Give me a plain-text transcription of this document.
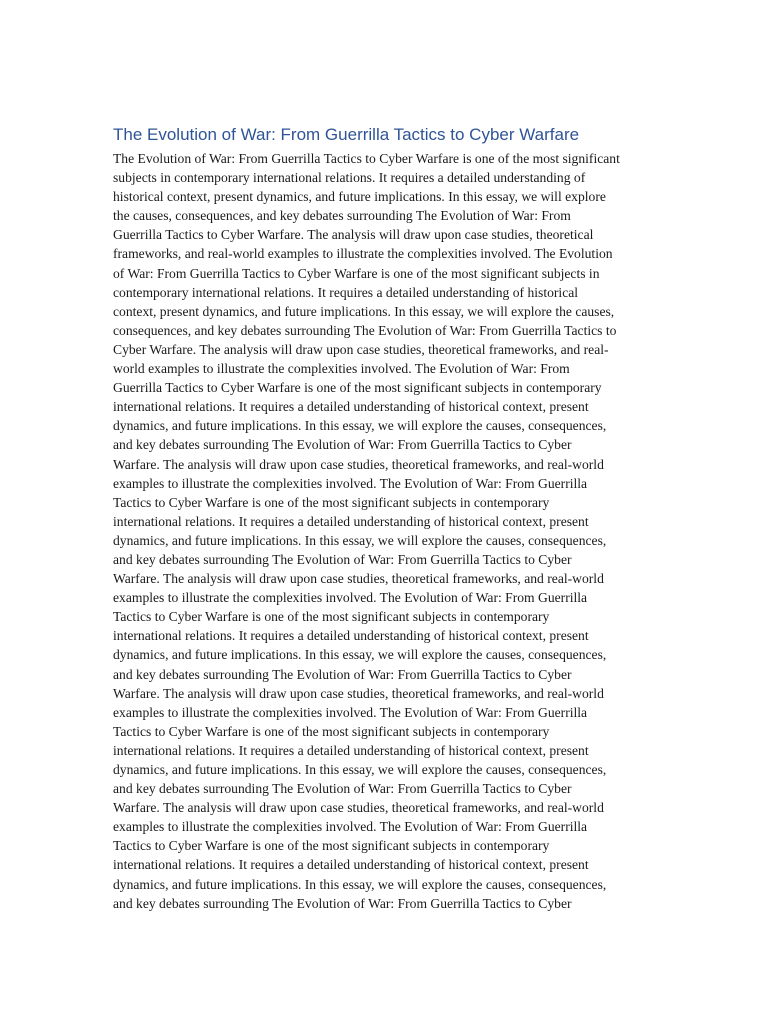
The Evolution of War: From Guerrilla Tactics to Cyber Warfare
The Evolution of War: From Guerrilla Tactics to Cyber Warfare is one of the most significant
subjects in contemporary international relations. It requires a detailed understanding of
historical context, present dynamics, and future implications. In this essay, we will explore
the causes, consequences, and key debates surrounding The Evolution of War: From
Guerrilla Tactics to Cyber Warfare. The analysis will draw upon case studies, theoretical
frameworks, and real-world examples to illustrate the complexities involved. The Evolution
of War: From Guerrilla Tactics to Cyber Warfare is one of the most significant subjects in
contemporary international relations. It requires a detailed understanding of historical
context, present dynamics, and future implications. In this essay, we will explore the causes,
consequences, and key debates surrounding The Evolution of War: From Guerrilla Tactics to
Cyber Warfare. The analysis will draw upon case studies, theoretical frameworks, and real-
world examples to illustrate the complexities involved. The Evolution of War: From
Guerrilla Tactics to Cyber Warfare is one of the most significant subjects in contemporary
international relations. It requires a detailed understanding of historical context, present
dynamics, and future implications. In this essay, we will explore the causes, consequences,
and key debates surrounding The Evolution of War: From Guerrilla Tactics to Cyber
Warfare. The analysis will draw upon case studies, theoretical frameworks, and real-world
examples to illustrate the complexities involved. The Evolution of War: From Guerrilla
Tactics to Cyber Warfare is one of the most significant subjects in contemporary
international relations. It requires a detailed understanding of historical context, present
dynamics, and future implications. In this essay, we will explore the causes, consequences,
and key debates surrounding The Evolution of War: From Guerrilla Tactics to Cyber
Warfare. The analysis will draw upon case studies, theoretical frameworks, and real-world
examples to illustrate the complexities involved. The Evolution of War: From Guerrilla
Tactics to Cyber Warfare is one of the most significant subjects in contemporary
international relations. It requires a detailed understanding of historical context, present
dynamics, and future implications. In this essay, we will explore the causes, consequences,
and key debates surrounding The Evolution of War: From Guerrilla Tactics to Cyber
Warfare. The analysis will draw upon case studies, theoretical frameworks, and real-world
examples to illustrate the complexities involved. The Evolution of War: From Guerrilla
Tactics to Cyber Warfare is one of the most significant subjects in contemporary
international relations. It requires a detailed understanding of historical context, present
dynamics, and future implications. In this essay, we will explore the causes, consequences,
and key debates surrounding The Evolution of War: From Guerrilla Tactics to Cyber
Warfare. The analysis will draw upon case studies, theoretical frameworks, and real-world
examples to illustrate the complexities involved. The Evolution of War: From Guerrilla
Tactics to Cyber Warfare is one of the most significant subjects in contemporary
international relations. It requires a detailed understanding of historical context, present
dynamics, and future implications. In this essay, we will explore the causes, consequences,
and key debates surrounding The Evolution of War: From Guerrilla Tactics to Cyber
